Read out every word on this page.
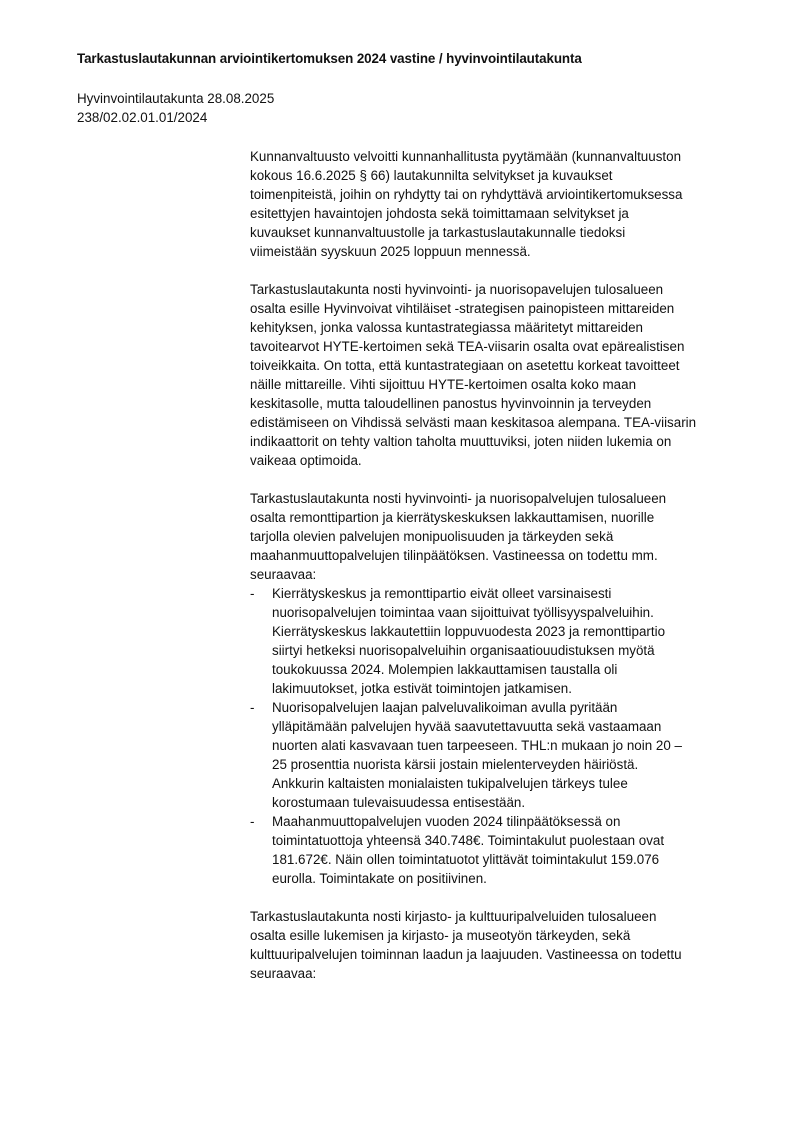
Tarkastuslautakunnan arviointikertomuksen 2024 vastine / hyvinvointilautakunta
Hyvinvointilautakunta 28.08.2025
238/02.02.01.01/2024
Kunnanvaltuusto velvoitti kunnanhallitusta pyytämään (kunnanvaltuuston
kokous 16.6.2025 § 66) lautakunnilta selvitykset ja kuvaukset
toimenpiteistä, joihin on ryhdytty tai on ryhdyttävä arviointikertomuksessa
esitettyjen havaintojen johdosta sekä toimittamaan selvitykset ja
kuvaukset kunnanvaltuustolle ja tarkastuslautakunnalle tiedoksi
viimeistään syyskuun 2025 loppuun mennessä.
Tarkastuslautakunta nosti hyvinvointi- ja nuorisopavelujen tulosalueen
osalta esille Hyvinvoivat vihtiläiset -strategisen painopisteen mittareiden
kehityksen, jonka valossa kuntastrategiassa määritetyt mittareiden
tavoitearvot HYTE-kertoimen sekä TEA-viisarin osalta ovat epärealistisen
toiveikkaita. On totta, että kuntastrategiaan on asetettu korkeat tavoitteet
näille mittareille. Vihti sijoittuu HYTE-kertoimen osalta koko maan
keskitasolle, mutta taloudellinen panostus hyvinvoinnin ja terveyden
edistämiseen on Vihdissä selvästi maan keskitasoa alempana. TEA-viisarin
indikaattorit on tehty valtion taholta muuttuviksi, joten niiden lukemia on
vaikeaa optimoida.
Tarkastuslautakunta nosti hyvinvointi- ja nuorisopalvelujen tulosalueen
osalta remonttipartion ja kierrätyskeskuksen lakkauttamisen, nuorille
tarjolla olevien palvelujen monipuolisuuden ja tärkeyden sekä
maahanmuuttopalvelujen tilinpäätöksen. Vastineessa on todettu mm.
seuraavaa:
-	Kierrätyskeskus ja remonttipartio eivät olleet varsinaisesti
nuorisopalvelujen toimintaa vaan sijoittuivat työllisyyspalveluihin.
Kierrätyskeskus lakkautettiin loppuvuodesta 2023 ja remonttipartio
siirtyi hetkeksi nuorisopalveluihin organisaatiouudistuksen myötä
toukokuussa 2024. Molempien lakkauttamisen taustalla oli
lakimuutokset, jotka estivät toimintojen jatkamisen.
-	Nuorisopalvelujen laajan palveluvalikoiman avulla pyritään
ylläpitämään palvelujen hyvää saavutettavuutta sekä vastaamaan
nuorten alati kasvavaan tuen tarpeeseen. THL:n mukaan jo noin 20 –
25 prosenttia nuorista kärsii jostain mielenterveyden häiriöstä.
Ankkurin kaltaisten monialaisten tukipalvelujen tärkeys tulee
korostumaan tulevaisuudessa entisestään.
-	Maahanmuuttopalvelujen vuoden 2024 tilinpäätöksessä on
toimintatuottoja yhteensä 340.748€. Toimintakulut puolestaan ovat
181.672€. Näin ollen toimintatuotot ylittävät toimintakulut 159.076
eurolla. Toimintakate on positiivinen.
Tarkastuslautakunta nosti kirjasto- ja kulttuuripalveluiden tulosalueen
osalta esille lukemisen ja kirjasto- ja museotyön tärkeyden, sekä
kulttuuripalvelujen toiminnan laadun ja laajuuden. Vastineessa on todettu
seuraavaa:
